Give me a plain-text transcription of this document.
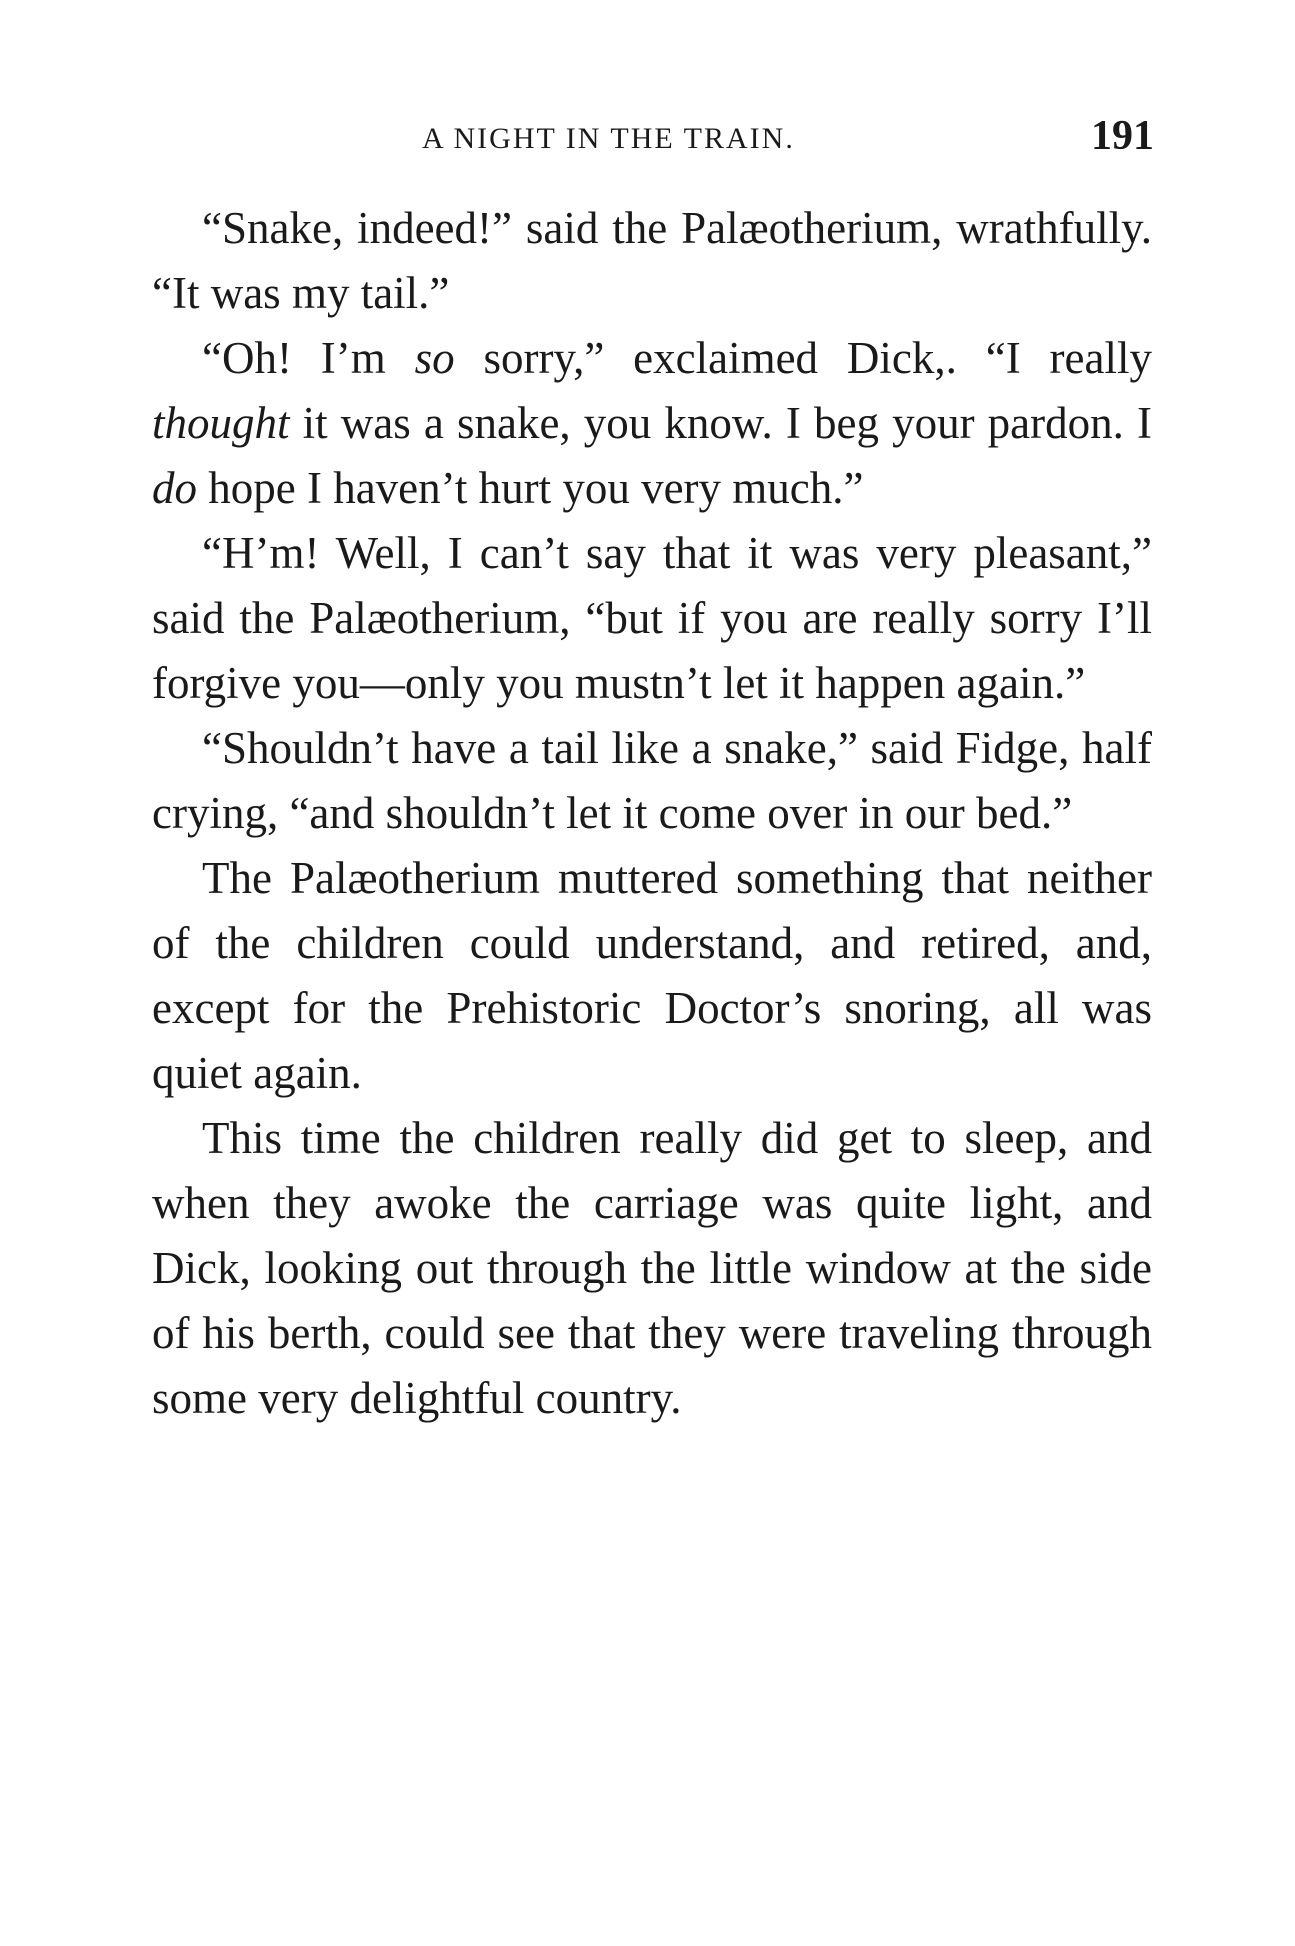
A NIGHT IN THE TRAIN.	191

“Snake, indeed!” said the Palæotherium, wrathfully. “It was my tail.”

“Oh! I’m so sorry,” exclaimed Dick,. “I really thought it was a snake, you know. I beg your pardon. I do hope I haven’t hurt you very much.”

“H’m! Well, I can’t say that it was very pleasant,” said the Palæotherium, “but if you are really sorry I’ll forgive you—only you mustn’t let it happen again.”

“Shouldn’t have a tail like a snake,” said Fidge, half crying, “and shouldn’t let it come over in our bed.”

The Palæotherium muttered something that neither of the children could understand, and retired, and, except for the Prehistoric Doctor’s snoring, all was quiet again.

This time the children really did get to sleep, and when they awoke the carriage was quite light, and Dick, looking out through the little window at the side of his berth, could see that they were traveling through some very delightful country.
